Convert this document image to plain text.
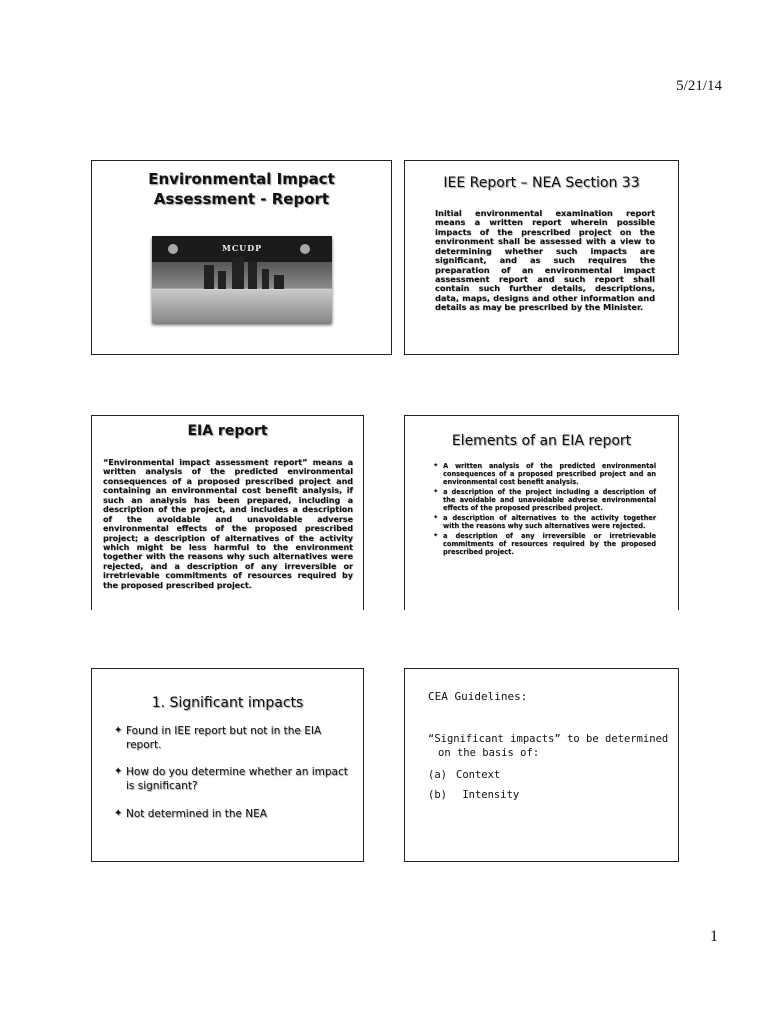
5/21/14
Environmental Impact
Assessment - Report
MCUDP
IEE Report – NEA Section 33
Initial environmental examination report means a written report wherein possible impacts of the prescribed project on the environment shall be assessed with a view to determining whether such impacts are significant, and as such requires the preparation of an environmental impact assessment report and such report shall contain such further details, descriptions, data, maps, designs and other information and details as may be prescribed by the Minister.
EIA report
“Environmental impact assessment report” means a written analysis of the predicted environmental consequences of a proposed prescribed project and containing an environmental cost benefit analysis, if such an analysis has been prepared, including a description of the project, and includes a description of the avoidable and unavoidable adverse environmental effects of the proposed prescribed project; a description of alternatives of the activity which might be less harmful to the environment together with the reasons why such alternatives were rejected, and a description of any irreversible or irretrievable commitments of resources required by the proposed prescribed project.
Elements of an EIA report
✦ A written analysis of the predicted environmental consequences of a proposed prescribed project and an environmental cost benefit analysis.
✦ a description of the project including a description of the avoidable and unavoidable adverse environmental effects of the proposed prescribed project.
✦ a description of alternatives to the activity together with the reasons why such alternatives were rejected.
✦ a description of any irreversible or irretrievable commitments of resources required by the proposed prescribed project.
1. Significant impacts
✦ Found in IEE report but not in the EIA report.
✦ How do you determine whether an impact is significant?
✦ Not determined in the NEA
CEA Guidelines:
“Significant impacts” to be determined on the basis of:
(a) Context
(b) Intensity
1
